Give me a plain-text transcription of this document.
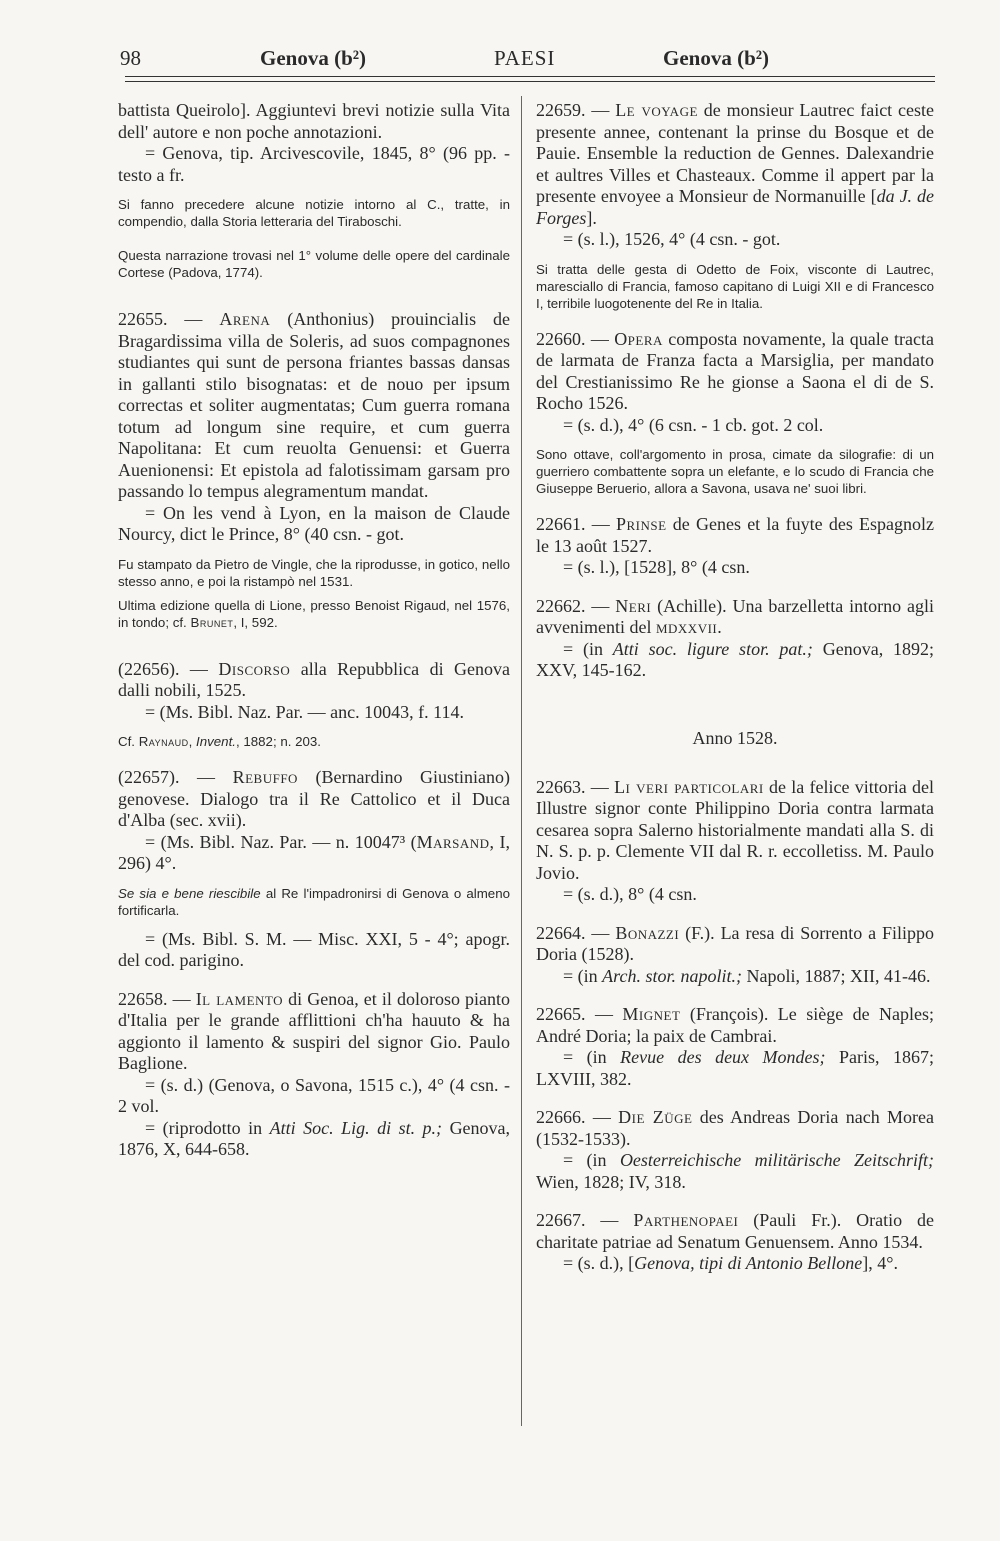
98	Genova (b²)	PAESI	Genova (b²)

battista Queirolo]. Aggiuntevi brevi notizie sulla Vita dell' autore e non poche annotazioni.

= Genova, tip. Arcivescovile, 1845, 8° (96 pp. - testo a fr.

Si fanno precedere alcune notizie intorno al C., tratte, in compendio, dalla Storia letteraria del Tiraboschi.

Questa narrazione trovasi nel 1° volume delle opere del cardinale Cortese (Padova, 1774).

22655. — Arena (Anthonius) prouincialis de Bragardissima villa de Soleris, ad suos compagnones studiantes qui sunt de persona friantes bassas dansas in gallanti stilo bisognatas: et de nouo per ipsum correctas et soliter augmentatas; Cum guerra romana totum ad longum sine require, et cum guerra Napolitana: Et cum reuolta Genuensi: et Guerra Auenionensi: Et epistola ad falotissimam garsam pro passando lo tempus alegramentum mandat.

= On les vend à Lyon, en la maison de Claude Nourcy, dict le Prince, 8° (40 csn. - got.

Fu stampato da Pietro de Vingle, che la riprodusse, in gotico, nello stesso anno, e poi la ristampò nel 1531.

Ultima edizione quella di Lione, presso Benoist Rigaud, nel 1576, in tondo; cf. Brunet, I, 592.

(22656). — Discorso alla Repubblica di Genova dalli nobili, 1525.

= (Ms. Bibl. Naz. Par. — anc. 10043, f. 114.

Cf. Raynaud, Invent., 1882; n. 203.

(22657). — Rebuffo (Bernardino Giustiniano) genovese. Dialogo tra il Re Cattolico et il Duca d'Alba (sec. xvii).

= (Ms. Bibl. Naz. Par. — n. 10047³ (Marsand, I, 296) 4°.

Se sia e bene riescibile al Re l'impadronirsi di Genova o almeno fortificarla.

= (Ms. Bibl. S. M. — Misc. XXI, 5 - 4°; apogr. del cod. parigino.

22658. — Il lamento di Genoa, et il doloroso pianto d'Italia per le grande afflittioni ch'ha hauuto & ha aggionto il lamento & suspiri del signor Gio. Paulo Baglione.

= (s. d.) (Genova, o Savona, 1515 c.), 4° (4 csn. - 2 vol.

= (riprodotto in Atti Soc. Lig. di st. p.; Genova, 1876, X, 644-658.

22659. — Le voyage de monsieur Lautrec faict ceste presente annee, contenant la prinse du Bosque et de Pauie. Ensemble la reduction de Gennes. Dalexandrie et aultres Villes et Chasteaux. Comme il appert par la presente envoyee a Monsieur de Normanuille [da J. de Forges].

= (s. l.), 1526, 4° (4 csn. - got.

Si tratta delle gesta di Odetto de Foix, visconte di Lautrec, maresciallo di Francia, famoso capitano di Luigi XII e di Francesco I, terribile luogotenente del Re in Italia.

22660. — Opera composta novamente, la quale tracta de larmata de Franza facta a Marsiglia, per mandato del Crestianissimo Re he gionse a Saona el di de S. Rocho 1526.

= (s. d.), 4° (6 csn. - 1 cb. got. 2 col.

Sono ottave, coll'argomento in prosa, cimate da silografie: di un guerriero combattente sopra un elefante, e lo scudo di Francia che Giuseppe Beruerio, allora a Savona, usava ne' suoi libri.

22661. — Prinse de Genes et la fuyte des Espagnolz le 13 août 1527.

= (s. l.), [1528], 8° (4 csn.

22662. — Neri (Achille). Una barzelletta intorno agli avvenimenti del mdxxvii.

= (in Atti soc. ligure stor. pat.; Genova, 1892; XXV, 145-162.

Anno 1528.

22663. — Li veri particolari de la felice vittoria del Illustre signor conte Philippino Doria contra larmata cesarea sopra Salerno historialmente mandati alla S. di N. S. p. p. Clemente VII dal R. r. eccolletiss. M. Paulo Jovio.

= (s. d.), 8° (4 csn.

22664. — Bonazzi (F.). La resa di Sorrento a Filippo Doria (1528).

= (in Arch. stor. napolit.; Napoli, 1887; XII, 41-46.

22665. — Mignet (François). Le siège de Naples; André Doria; la paix de Cambrai.

= (in Revue des deux Mondes; Paris, 1867; LXVIII, 382.

22666. — Die Züge des Andreas Doria nach Morea (1532-1533).

= (in Oesterreichische militärische Zeitschrift; Wien, 1828; IV, 318.

22667. — Parthenopaei (Pauli Fr.). Oratio de charitate patriae ad Senatum Genuensem. Anno 1534.

= (s. d.), [Genova, tipi di Antonio Bellone], 4°.
